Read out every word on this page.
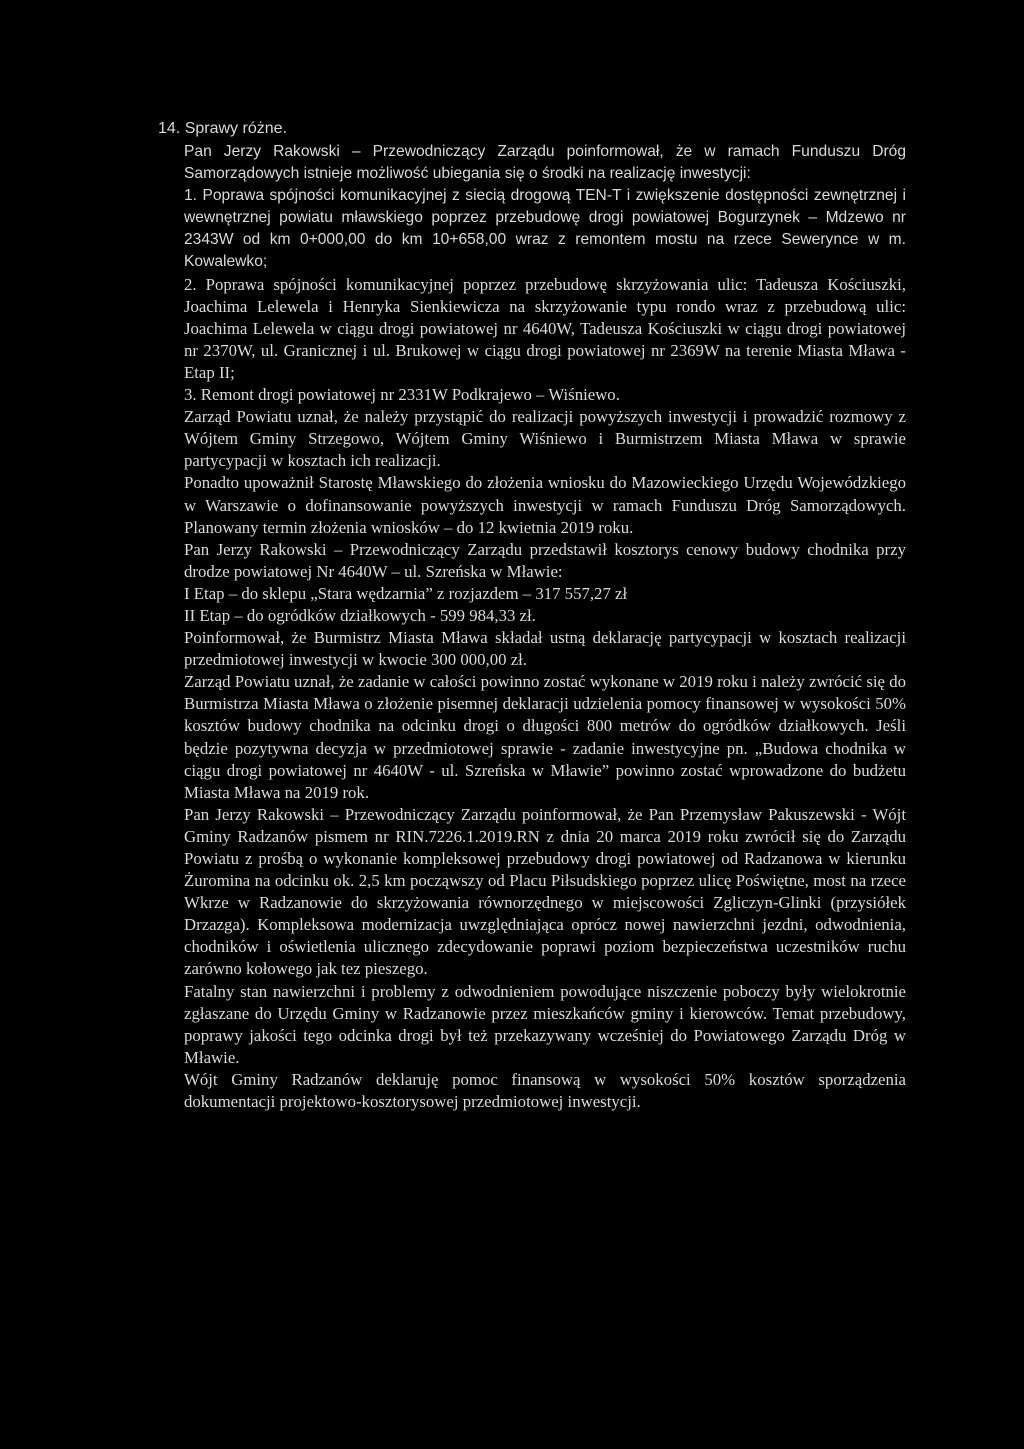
14. Sprawy różne.

Pan Jerzy Rakowski – Przewodniczący Zarządu poinformował, że w ramach Funduszu Dróg Samorządowych istnieje możliwość ubiegania się o środki na realizację inwestycji:

1. Poprawa spójności komunikacyjnej z siecią drogową TEN-T i zwiększenie dostępności zewnętrznej i wewnętrznej powiatu mławskiego poprzez przebudowę drogi powiatowej Bogurzynek – Mdzewo nr 2343W od km 0+000,00 do km 10+658,00 wraz z remontem mostu na rzece Sewerynce w m. Kowalewko;

2. Poprawa spójności komunikacyjnej poprzez przebudowę skrzyżowania ulic: Tadeusza Kościuszki, Joachima Lelewela i Henryka Sienkiewicza na skrzyżowanie typu rondo wraz z przebudową ulic: Joachima Lelewela w ciągu drogi powiatowej nr 4640W, Tadeusza Kościuszki w ciągu drogi powiatowej nr 2370W, ul. Granicznej i ul. Brukowej w ciągu drogi powiatowej nr 2369W na terenie Miasta Mława - Etap II;

3. Remont drogi powiatowej nr 2331W Podkrajewo – Wiśniewo.

Zarząd Powiatu uznał, że należy przystąpić do realizacji powyższych inwestycji i prowadzić rozmowy z Wójtem Gminy Strzegowo, Wójtem Gminy Wiśniewo i Burmistrzem Miasta Mława w sprawie partycypacji w kosztach ich realizacji.

Ponadto upoważnił Starostę Mławskiego do złożenia wniosku do Mazowieckiego Urzędu Wojewódzkiego w Warszawie o dofinansowanie powyższych inwestycji w ramach Funduszu Dróg Samorządowych. Planowany termin złożenia wniosków – do 12 kwietnia 2019 roku.

Pan Jerzy Rakowski – Przewodniczący Zarządu przedstawił kosztorys cenowy budowy chodnika przy drodze powiatowej Nr 4640W – ul. Szreńska w Mławie:

I Etap – do sklepu „Stara wędzarnia” z rozjazdem – 317 557,27 zł

II Etap – do ogródków działkowych - 599 984,33 zł.

Poinformował, że Burmistrz Miasta Mława składał ustną deklarację partycypacji w kosztach realizacji przedmiotowej inwestycji w kwocie 300 000,00 zł.

Zarząd Powiatu uznał, że zadanie w całości powinno zostać wykonane w 2019 roku i należy zwrócić się do Burmistrza Miasta Mława o złożenie pisemnej deklaracji udzielenia pomocy finansowej w wysokości 50% kosztów budowy chodnika na odcinku drogi o długości 800 metrów do ogródków działkowych. Jeśli będzie pozytywna decyzja w przedmiotowej sprawie - zadanie inwestycyjne pn. „Budowa chodnika w ciągu drogi powiatowej nr 4640W - ul. Szreńska w Mławie” powinno zostać wprowadzone do budżetu Miasta Mława na 2019 rok.

Pan Jerzy Rakowski – Przewodniczący Zarządu poinformował, że Pan Przemysław Pakuszewski - Wójt Gminy Radzanów pismem nr RIN.7226.1.2019.RN z dnia 20 marca 2019 roku zwrócił się do Zarządu Powiatu z prośbą o wykonanie kompleksowej przebudowy drogi powiatowej od Radzanowa w kierunku Żuromina na odcinku ok. 2,5 km począwszy od Placu Piłsudskiego poprzez ulicę Poświętne, most na rzece Wkrze w Radzanowie do skrzyżowania równorzędnego w miejscowości Zgliczyn-Glinki (przysiółek Drzazga). Kompleksowa modernizacja uwzględniająca oprócz nowej nawierzchni jezdni, odwodnienia, chodników i oświetlenia ulicznego zdecydowanie poprawi poziom bezpieczeństwa uczestników ruchu zarówno kołowego jak tez pieszego.

Fatalny stan nawierzchni i problemy z odwodnieniem powodujące niszczenie poboczy były wielokrotnie zgłaszane do Urzędu Gminy w Radzanowie przez mieszkańców gminy i kierowców. Temat przebudowy, poprawy jakości tego odcinka drogi był też przekazywany wcześniej do Powiatowego Zarządu Dróg w Mławie.

Wójt Gminy Radzanów deklaruję pomoc finansową w wysokości 50% kosztów sporządzenia dokumentacji projektowo-kosztorysowej przedmiotowej inwestycji.
